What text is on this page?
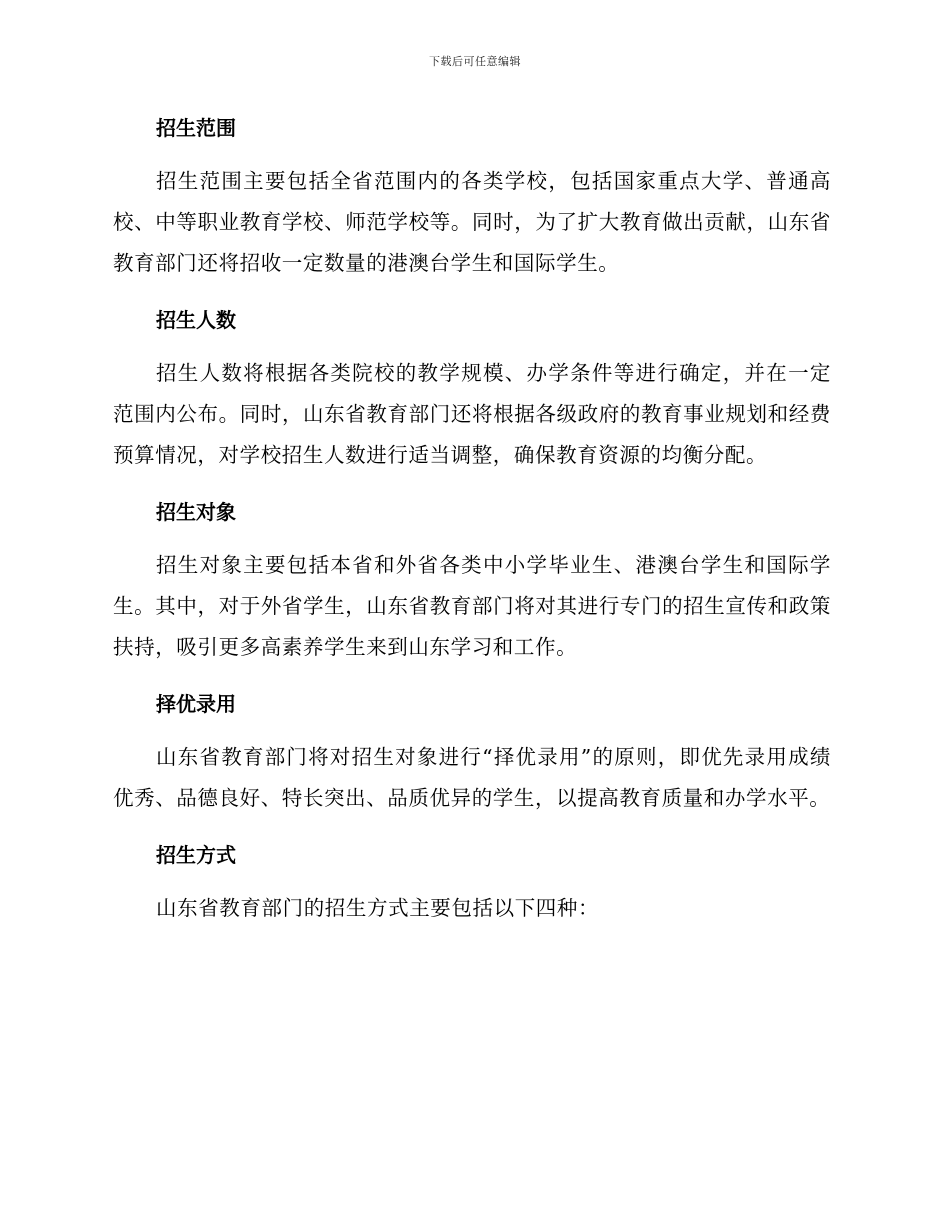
下载后可任意编辑
招生范围

招生范围主要包括全省范围内的各类学校，包括国家重点大学、普通高校、中等职业教育学校、师范学校等。同时，为了扩大教育做出贡献，山东省教育部门还将招收一定数量的港澳台学生和国际学生。

招生人数

招生人数将根据各类院校的教学规模、办学条件等进行确定，并在一定范围内公布。同时，山东省教育部门还将根据各级政府的教育事业规划和经费预算情况，对学校招生人数进行适当调整，确保教育资源的均衡分配。

招生对象

招生对象主要包括本省和外省各类中小学毕业生、港澳台学生和国际学生。其中，对于外省学生，山东省教育部门将对其进行专门的招生宣传和政策扶持，吸引更多高素养学生来到山东学习和工作。

择优录用

山东省教育部门将对招生对象进行“择优录用”的原则，即优先录用成绩优秀、品德良好、特长突出、品质优异的学生，以提高教育质量和办学水平。

招生方式

山东省教育部门的招生方式主要包括以下四种：
